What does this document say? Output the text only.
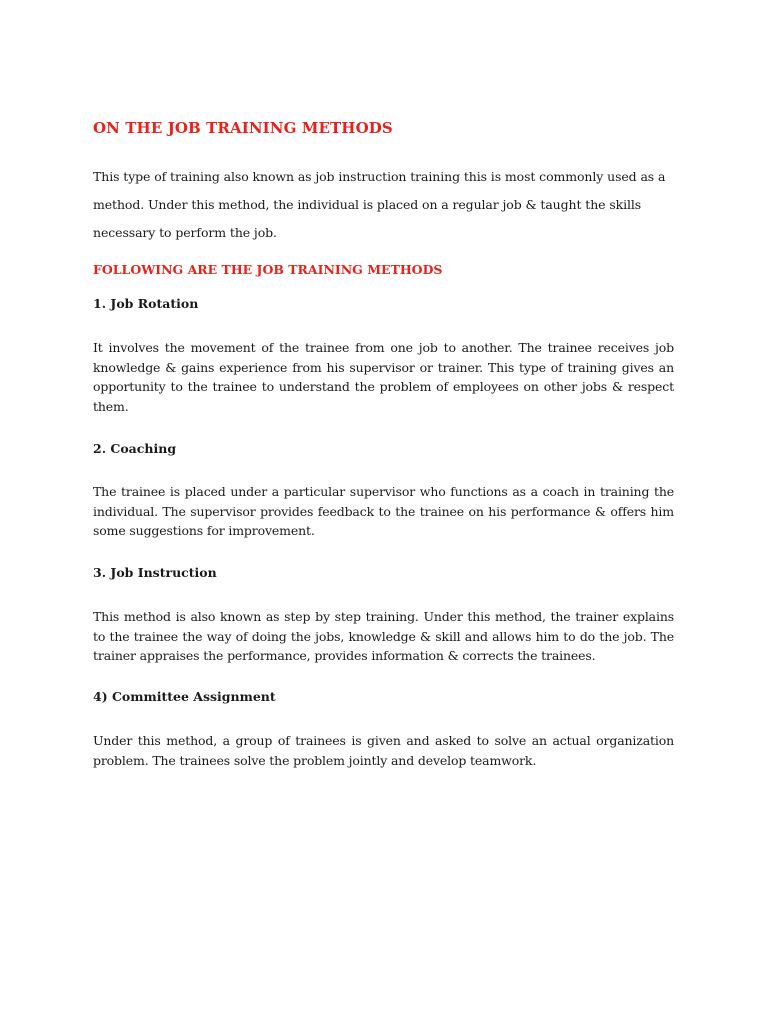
ON THE JOB TRAINING METHODS

This type of training also known as job instruction training this is most commonly used as a method. Under this method, the individual is placed on a regular job & taught the skills necessary to perform the job.

FOLLOWING ARE THE JOB TRAINING METHODS
1. Job Rotation

It involves the movement of the trainee from one job to another. The trainee receives job knowledge & gains experience from his supervisor or trainer. This type of training gives an opportunity to the trainee to understand the problem of employees on other jobs & respect them.

2. Coaching

The trainee is placed under a particular supervisor who functions as a coach in training the individual. The supervisor provides feedback to the trainee on his performance & offers him some suggestions for improvement.

3. Job Instruction

This method is also known as step by step training. Under this method, the trainer explains to the trainee the way of doing the jobs, knowledge & skill and allows him to do the job. The trainer appraises the performance, provides information & corrects the trainees.

4) Committee Assignment

Under this method, a group of trainees is given and asked to solve an actual organization problem. The trainees solve the problem jointly and develop teamwork.
